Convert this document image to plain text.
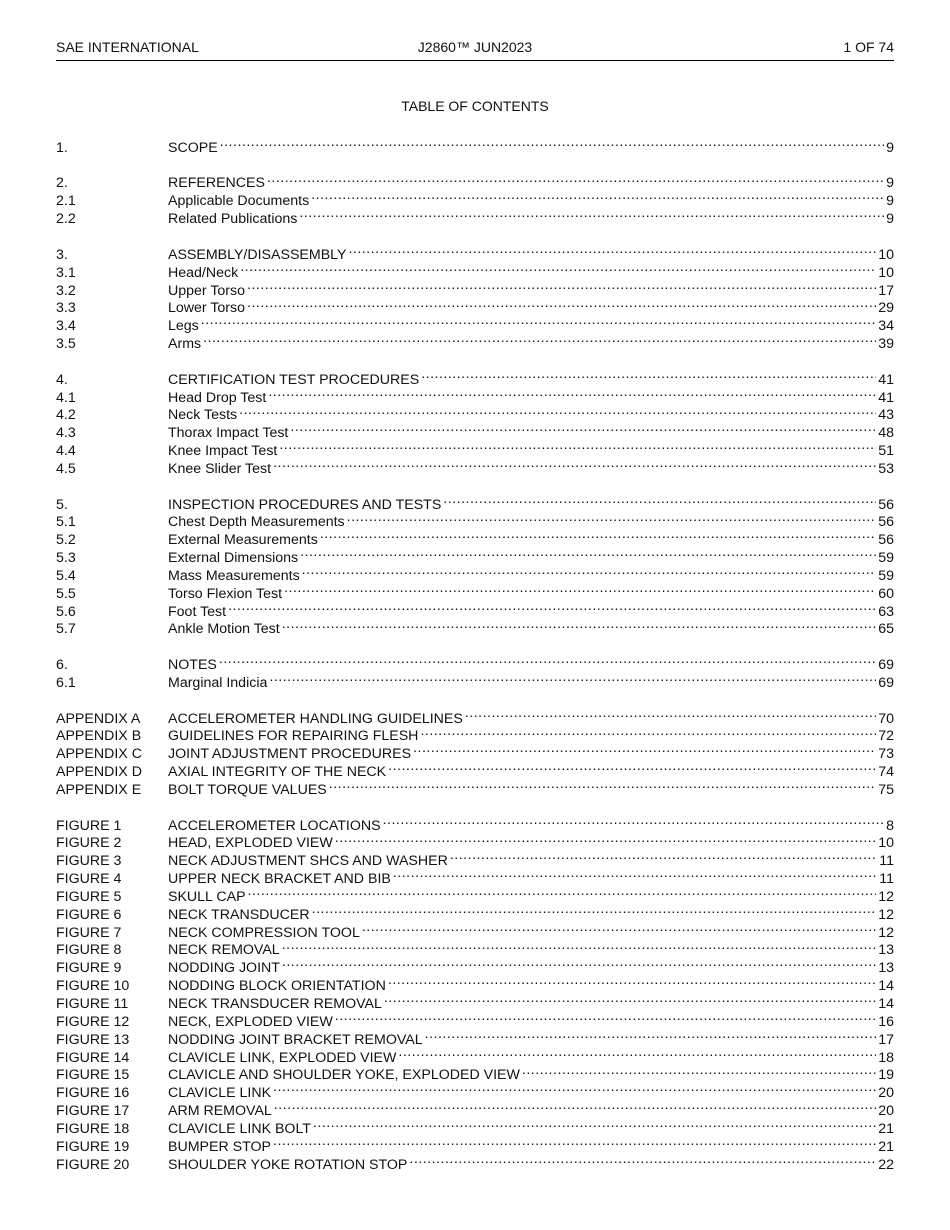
SAE INTERNATIONAL	J2860™ JUN2023	1 OF 74
TABLE OF CONTENTS
1.	SCOPE .....	9
2.	REFERENCES .....	9
2.1	Applicable Documents .....	9
2.2	Related Publications .....	9
3.	ASSEMBLY/DISASSEMBLY .....	10
3.1	Head/Neck .....	10
3.2	Upper Torso .....	17
3.3	Lower Torso .....	29
3.4	Legs .....	34
3.5	Arms .....	39
4.	CERTIFICATION TEST PROCEDURES .....	41
4.1	Head Drop Test .....	41
4.2	Neck Tests .....	43
4.3	Thorax Impact Test .....	48
4.4	Knee Impact Test .....	51
4.5	Knee Slider Test .....	53
5.	INSPECTION PROCEDURES AND TESTS .....	56
5.1	Chest Depth Measurements .....	56
5.2	External Measurements .....	56
5.3	External Dimensions .....	59
5.4	Mass Measurements .....	59
5.5	Torso Flexion Test .....	60
5.6	Foot Test .....	63
5.7	Ankle Motion Test .....	65
6.	NOTES .....	69
6.1	Marginal Indicia .....	69
APPENDIX A	ACCELEROMETER HANDLING GUIDELINES .....	70
APPENDIX B	GUIDELINES FOR REPAIRING FLESH .....	72
APPENDIX C	JOINT ADJUSTMENT PROCEDURES .....	73
APPENDIX D	AXIAL INTEGRITY OF THE NECK .....	74
APPENDIX E	BOLT TORQUE VALUES .....	75
FIGURE 1	ACCELEROMETER LOCATIONS .....	8
FIGURE 2	HEAD, EXPLODED VIEW .....	10
FIGURE 3	NECK ADJUSTMENT SHCS AND WASHER .....	11
FIGURE 4	UPPER NECK BRACKET AND BIB .....	11
FIGURE 5	SKULL CAP .....	12
FIGURE 6	NECK TRANSDUCER .....	12
FIGURE 7	NECK COMPRESSION TOOL .....	12
FIGURE 8	NECK REMOVAL .....	13
FIGURE 9	NODDING JOINT .....	13
FIGURE 10	NODDING BLOCK ORIENTATION .....	14
FIGURE 11	NECK TRANSDUCER REMOVAL .....	14
FIGURE 12	NECK, EXPLODED VIEW .....	16
FIGURE 13	NODDING JOINT BRACKET REMOVAL .....	17
FIGURE 14	CLAVICLE LINK, EXPLODED VIEW .....	18
FIGURE 15	CLAVICLE AND SHOULDER YOKE, EXPLODED VIEW .....	19
FIGURE 16	CLAVICLE LINK .....	20
FIGURE 17	ARM REMOVAL .....	20
FIGURE 18	CLAVICLE LINK BOLT .....	21
FIGURE 19	BUMPER STOP .....	21
FIGURE 20	SHOULDER YOKE ROTATION STOP .....	22
